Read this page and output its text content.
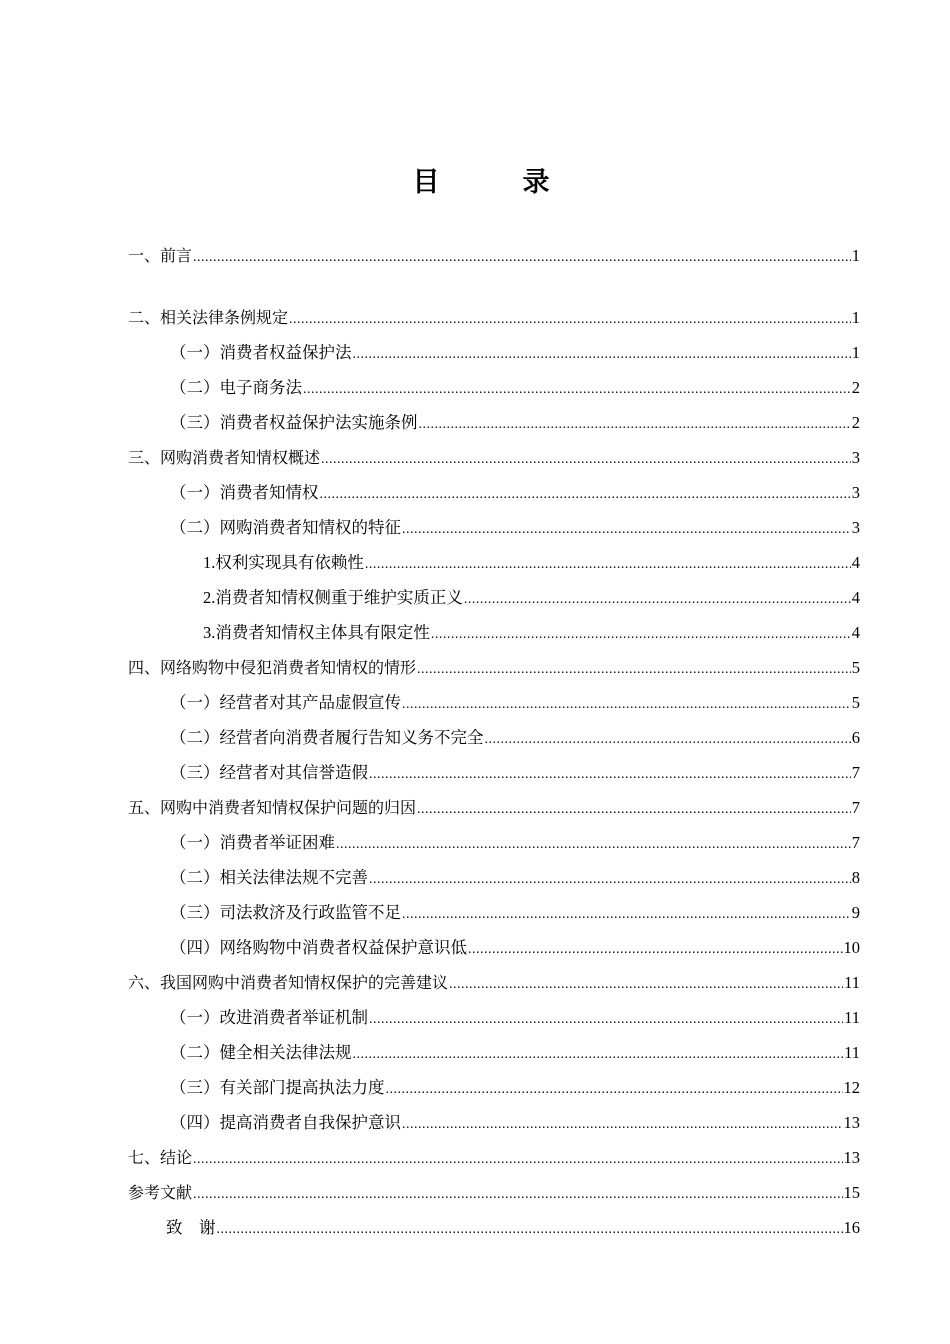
目　录
一、前言 .....	1
二、相关法律条例规定 .....	1
（一）消费者权益保护法 .....	1
（二）电子商务法 .....	2
（三）消费者权益保护法实施条例 .....	2
三、网购消费者知情权概述 .....	3
（一）消费者知情权 .....	3
（二）网购消费者知情权的特征 .....	3
1.权利实现具有依赖性 .....	4
2.消费者知情权侧重于维护实质正义 .....	4
3.消费者知情权主体具有限定性 .....	4
四、网络购物中侵犯消费者知情权的情形 .....	5
（一）经营者对其产品虚假宣传 .....	5
（二）经营者向消费者履行告知义务不完全 .....	6
（三）经营者对其信誉造假 .....	7
五、网购中消费者知情权保护问题的归因 .....	7
（一）消费者举证困难 .....	7
（二）相关法律法规不完善 .....	8
（三）司法救济及行政监管不足 .....	9
（四）网络购物中消费者权益保护意识低 .....	10
六、我国网购中消费者知情权保护的完善建议 .....	11
（一）改进消费者举证机制 .....	11
（二）健全相关法律法规 .....	11
（三）有关部门提高执法力度 .....	12
（四）提高消费者自我保护意识 .....	13
七、结论 .....	13
参考文献 .....	15
致　谢 .....	16
